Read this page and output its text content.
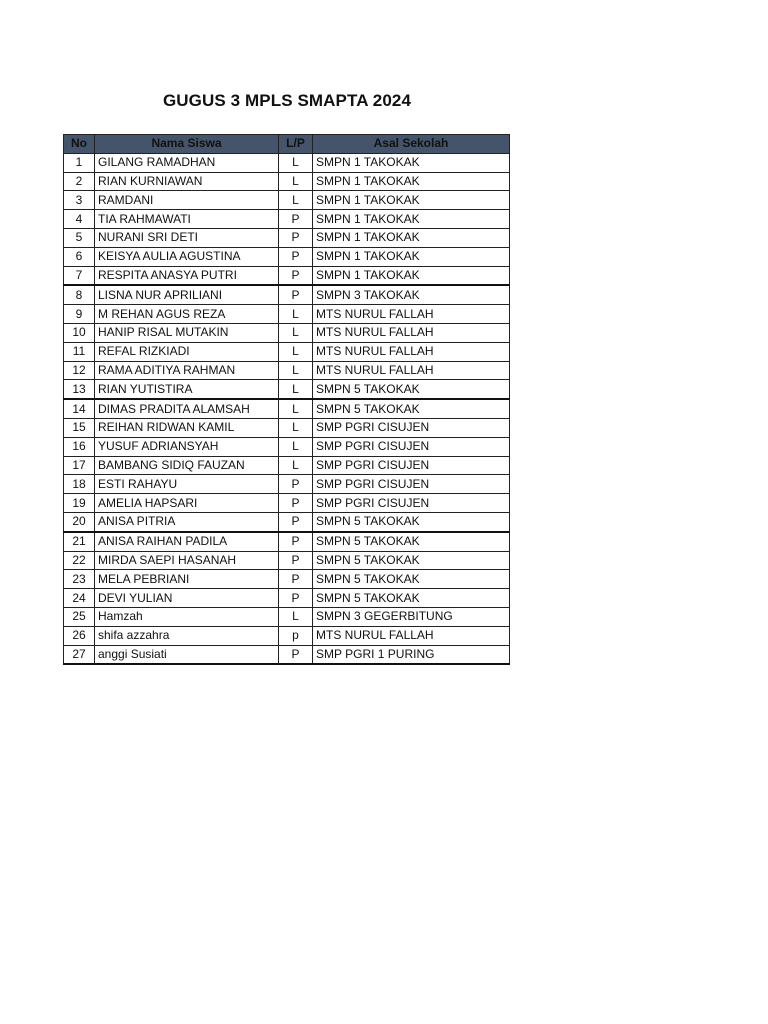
GUGUS 3 MPLS SMAPTA 2024
No	Nama Siswa	L/P	Asal Sekolah
1	GILANG RAMADHAN	L	SMPN 1 TAKOKAK
2	RIAN KURNIAWAN	L	SMPN 1 TAKOKAK
3	RAMDANI	L	SMPN 1 TAKOKAK
4	TIA RAHMAWATI	P	SMPN 1 TAKOKAK
5	NURANI SRI DETI	P	SMPN 1 TAKOKAK
6	KEISYA AULIA AGUSTINA	P	SMPN 1 TAKOKAK
7	RESPITA ANASYA PUTRI	P	SMPN 1 TAKOKAK
8	LISNA NUR APRILIANI	P	SMPN 3 TAKOKAK
9	M REHAN AGUS REZA	L	MTS NURUL FALLAH
10	HANIP RISAL MUTAKIN	L	MTS NURUL FALLAH
11	REFAL RIZKIADI	L	MTS NURUL FALLAH
12	RAMA ADITIYA RAHMAN	L	MTS NURUL FALLAH
13	RIAN YUTISTIRA	L	SMPN 5 TAKOKAK
14	DIMAS PRADITA ALAMSAH	L	SMPN 5 TAKOKAK
15	REIHAN RIDWAN KAMIL	L	SMP PGRI CISUJEN
16	YUSUF ADRIANSYAH	L	SMP PGRI CISUJEN
17	BAMBANG SIDIQ FAUZAN	L	SMP PGRI CISUJEN
18	ESTI RAHAYU	P	SMP PGRI CISUJEN
19	AMELIA HAPSARI	P	SMP PGRI CISUJEN
20	ANISA PITRIA	P	SMPN 5 TAKOKAK
21	ANISA RAIHAN PADILA	P	SMPN 5 TAKOKAK
22	MIRDA SAEPI HASANAH	P	SMPN 5 TAKOKAK
23	MELA PEBRIANI	P	SMPN 5 TAKOKAK
24	DEVI YULIAN	P	SMPN 5 TAKOKAK
25	Hamzah	L	SMPN 3 GEGERBITUNG
26	shifa azzahra	p	MTS NURUL FALLAH
27	anggi Susiati	P	SMP PGRI 1 PURING
